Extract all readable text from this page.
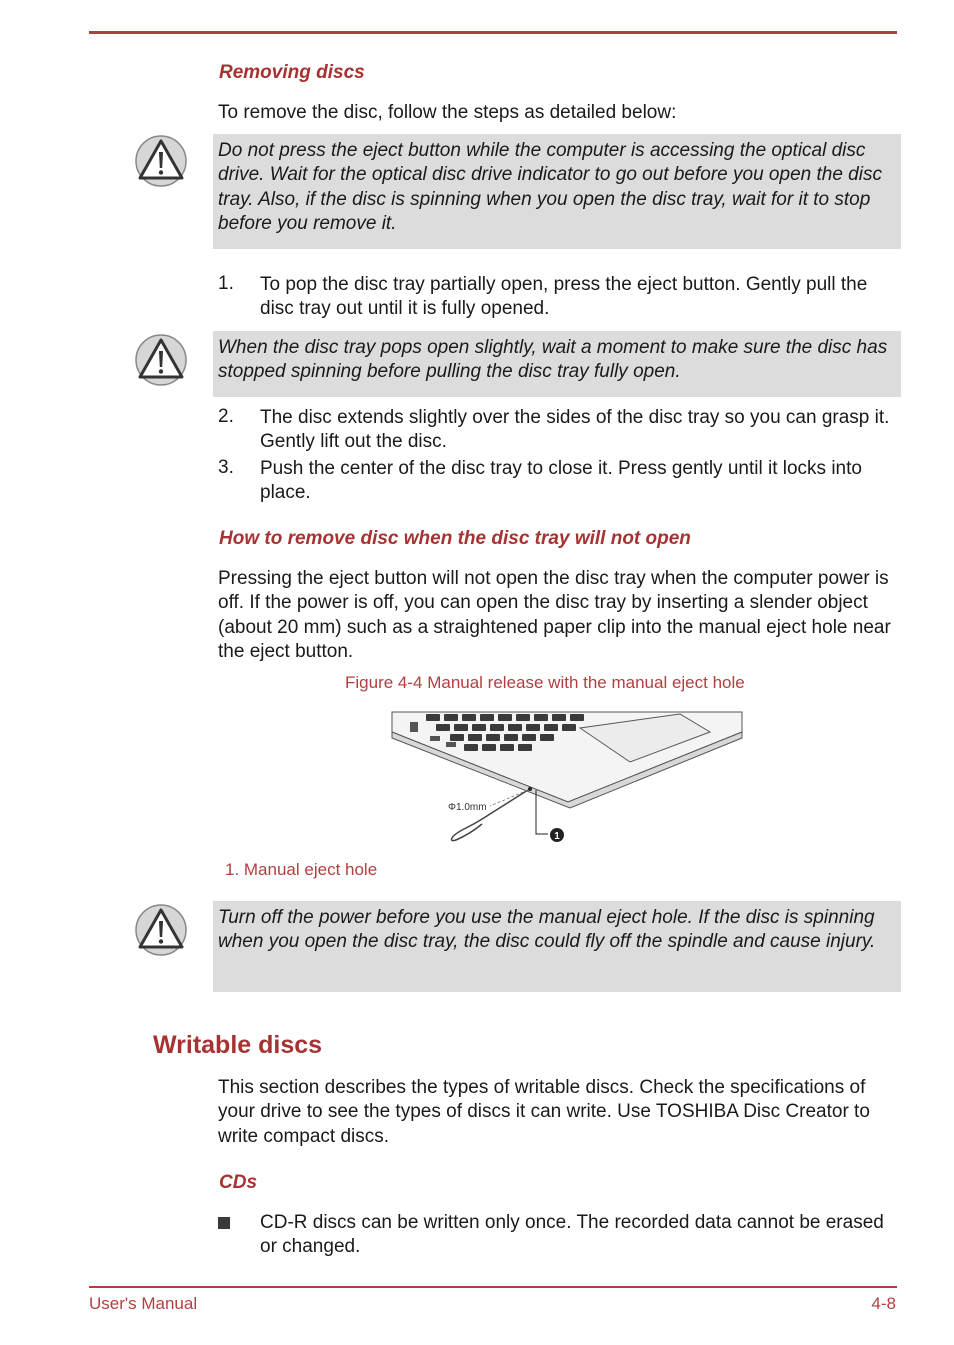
Removing discs

To remove the disc, follow the steps as detailed below:

Do not press the eject button while the computer is accessing the optical disc drive. Wait for the optical disc drive indicator to go out before you open the disc tray. Also, if the disc is spinning when you open the disc tray, wait for it to stop before you remove it.
1. To pop the disc tray partially open, press the eject button. Gently pull the disc tray out until it is fully opened.
When the disc tray pops open slightly, wait a moment to make sure the disc has stopped spinning before pulling the disc tray fully open.
2. The disc extends slightly over the sides of the disc tray so you can grasp it. Gently lift out the disc.
3. Push the center of the disc tray to close it. Press gently until it locks into place.
How to remove disc when the disc tray will not open

Pressing the eject button will not open the disc tray when the computer power is off. If the power is off, you can open the disc tray by inserting a slender object (about 20 mm) such as a straightened paper clip into the manual eject hole near the eject button.

Figure 4-4 Manual release with the manual eject hole
1
Φ1.0mm
1. Manual eject hole
Turn off the power before you use the manual eject hole. If the disc is spinning when you open the disc tray, the disc could fly off the spindle and cause injury.
Writable discs

This section describes the types of writable discs. Check the specifications of your drive to see the types of discs it can write. Use TOSHIBA Disc Creator to write compact discs.

CDs
CD-R discs can be written only once. The recorded data cannot be erased or changed.
User's Manual	4-8
